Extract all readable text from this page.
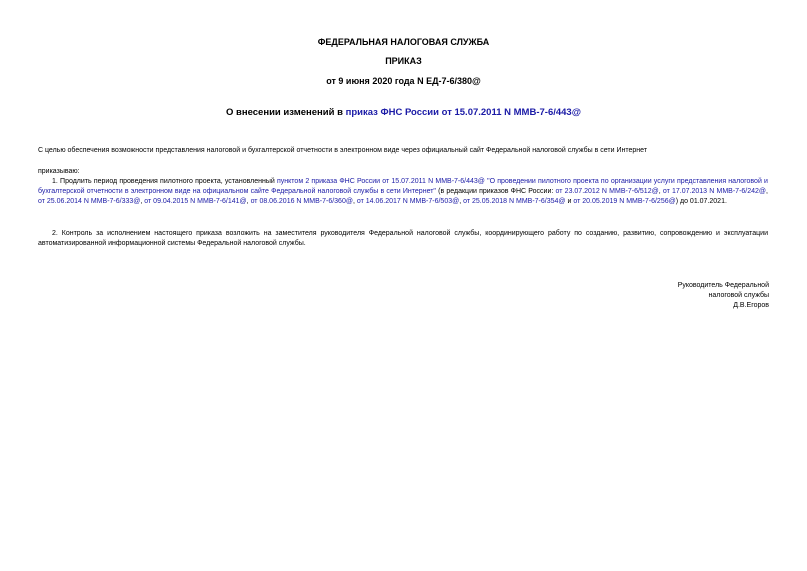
ФЕДЕРАЛЬНАЯ НАЛОГОВАЯ СЛУЖБА
ПРИКАЗ
от 9 июня 2020 года N ЕД-7-6/380@
О внесении изменений в приказ ФНС России от 15.07.2011 N ММВ-7-6/443@
С целью обеспечения возможности представления налоговой и бухгалтерской отчетности в электронном виде через официальный сайт Федеральной налоговой службы в сети Интернет
приказываю:
1. Продлить период проведения пилотного проекта, установленный пунктом 2 приказа ФНС России от 15.07.2011 N ММВ-7-6/443@ "О проведении пилотного проекта по организации услуги представления налоговой и бухгалтерской отчетности в электронном виде на официальном сайте Федеральной налоговой службы в сети Интернет" (в редакции приказов ФНС России: от 23.07.2012 N ММВ-7-6/512@, от 17.07.2013 N ММВ-7-6/242@, от 25.06.2014 N ММВ-7-6/333@, от 09.04.2015 N ММВ-7-6/141@, от 08.06.2016 N ММВ-7-6/360@, от 14.06.2017 N ММВ-7-6/503@, от 25.05.2018 N ММВ-7-6/354@ и от 20.05.2019 N ММВ-7-6/256@) до 01.07.2021.
2. Контроль за исполнением настоящего приказа возложить на заместителя руководителя Федеральной налоговой службы, координирующего работу по созданию, развитию, сопровождению и эксплуатации автоматизированной информационной системы Федеральной налоговой службы.
Руководитель Федеральной
налоговой службы
Д.В.Егоров
